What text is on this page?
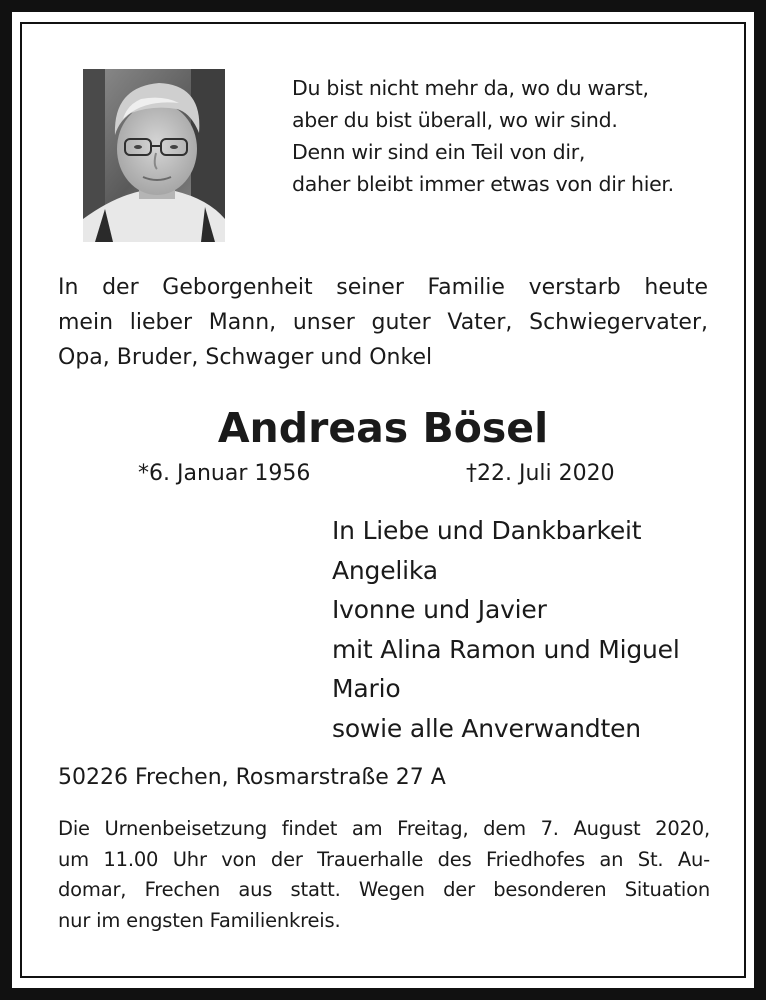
Du bist nicht mehr da, wo du warst,
aber du bist überall, wo wir sind.
Denn wir sind ein Teil von dir,
daher bleibt immer etwas von dir hier.
In der Geborgenheit seiner Familie verstarb heute
mein lieber Mann, unser guter Vater, Schwiegervater,
Opa, Bruder, Schwager und Onkel
Andreas Bösel
*6. Januar 1956	†22. Juli 2020
In Liebe und Dankbarkeit
Angelika
Ivonne und Javier
mit Alina Ramon und Miguel
Mario
sowie alle Anverwandten
50226 Frechen, Rosmarstraße 27 A
Die Urnenbeisetzung findet am Freitag, dem 7. August 2020,
um 11.00 Uhr von der Trauerhalle des Friedhofes an St. Au-
domar, Frechen aus statt. Wegen der besonderen Situation
nur im engsten Familienkreis.
